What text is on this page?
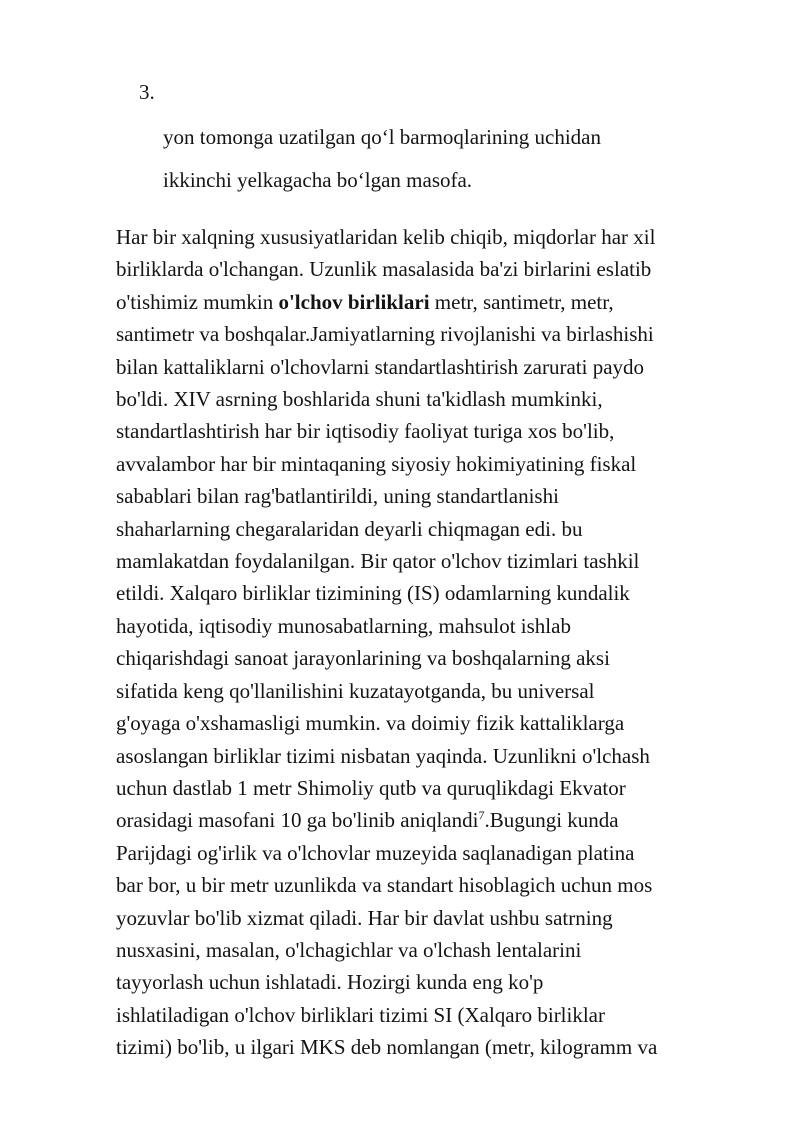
3.
yon tomonga uzatilgan qo‘l barmoqlarining uchidan
ikkinchi yelkagacha bo‘lgan masofa.
Har bir xalqning xususiyatlaridan kelib chiqib, miqdorlar har xil
birliklarda o'lchangan. Uzunlik masalasida ba'zi birlarini eslatib
o'tishimiz mumkin o'lchov birliklari metr, santimetr, metr,
santimetr va boshqalar.Jamiyatlarning rivojlanishi va birlashishi
bilan kattaliklarni o'lchovlarni standartlashtirish zarurati paydo
bo'ldi. XIV asrning boshlarida shuni ta'kidlash mumkinki,
standartlashtirish har bir iqtisodiy faoliyat turiga xos bo'lib,
avvalambor har bir mintaqaning siyosiy hokimiyatining fiskal
sabablari bilan rag'batlantirildi, uning standartlanishi
shaharlarning chegaralaridan deyarli chiqmagan edi. bu
mamlakatdan foydalanilgan. Bir qator o'lchov tizimlari tashkil
etildi. Xalqaro birliklar tizimining (IS) odamlarning kundalik
hayotida, iqtisodiy munosabatlarning, mahsulot ishlab
chiqarishdagi sanoat jarayonlarining va boshqalarning aksi
sifatida keng qo'llanilishini kuzatayotganda, bu universal
g'oyaga o'xshamasligi mumkin. va doimiy fizik kattaliklarga
asoslangan birliklar tizimi nisbatan yaqinda. Uzunlikni o'lchash
uchun dastlab 1 metr Shimoliy qutb va quruqlikdagi Ekvator
orasidagi masofani 10 ga bo'linib aniqlandi$^7$.Bugungi kunda
Parijdagi og'irlik va o'lchovlar muzeyida saqlanadigan platina
bar bor, u bir metr uzunlikda va standart hisoblagich uchun mos
yozuvlar bo'lib xizmat qiladi. Har bir davlat ushbu satrning
nusxasini, masalan, o'lchagichlar va o'lchash lentalarini
tayyorlash uchun ishlatadi. Hozirgi kunda eng ko'p
ishlatiladigan o'lchov birliklari tizimi SI (Xalqaro birliklar
tizimi) bo'lib, u ilgari MKS deb nomlangan (metr, kilogramm va
